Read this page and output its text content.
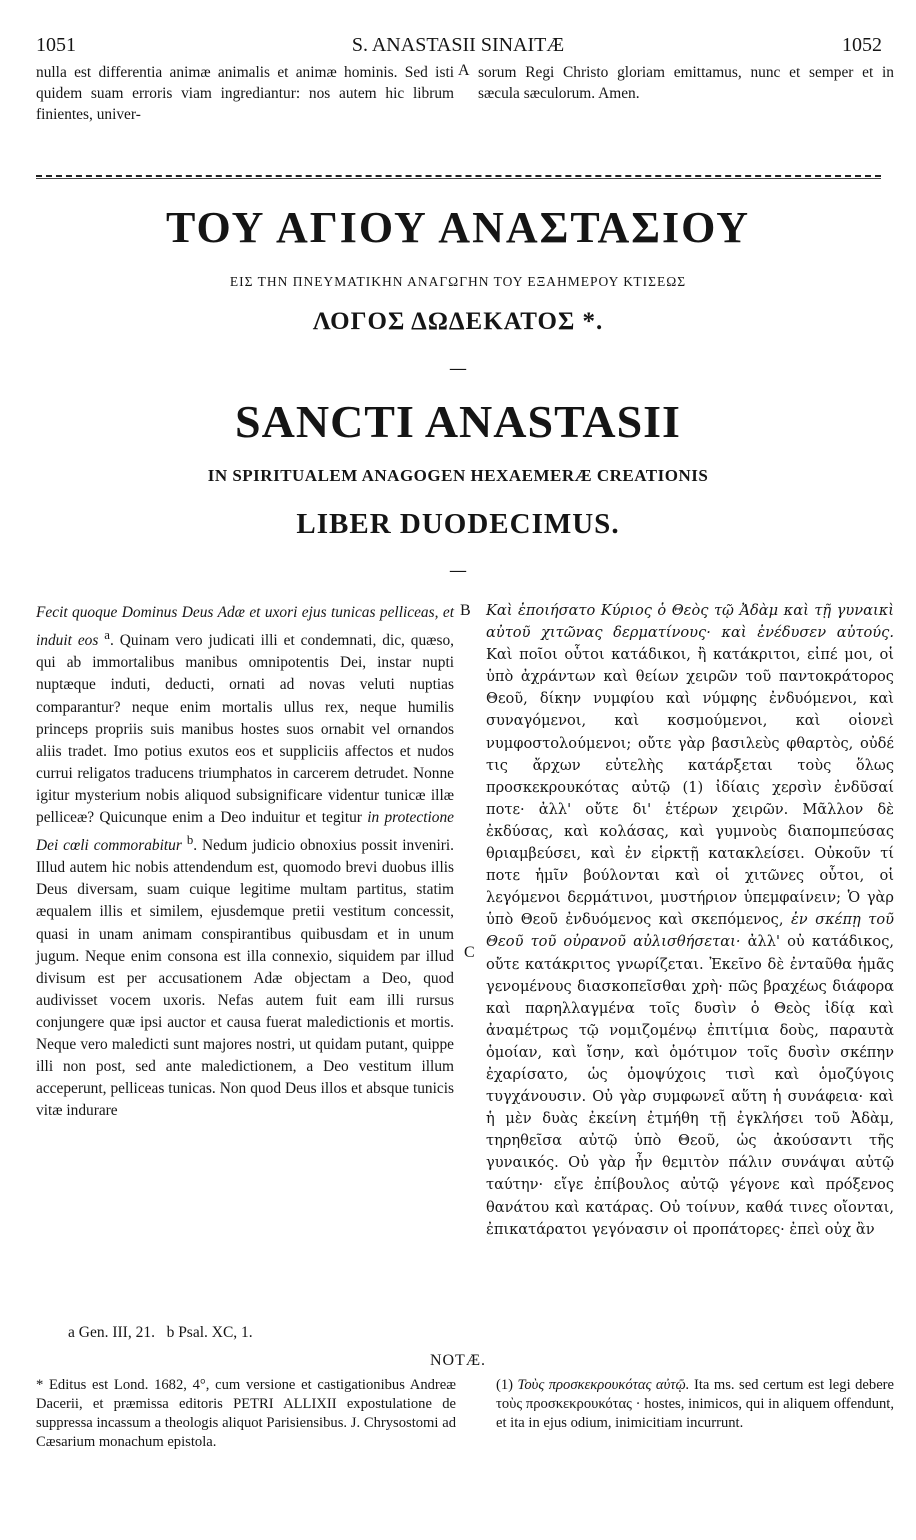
1051	S. ANASTASII SINAITÆ	1052
nulla est differentia animæ animalis et animæ hominis. Sed isti quidem suam erroris viam ingrediantur: nos autem hic librum finientes, univer-
A sorum Regi Christo gloriam emittamus, nunc et semper et in sæcula sæculorum. Amen.
ΤΟΥ ΑΓΙΟΥ ΑΝΑΣΤΑΣΙΟΥ
ΕΙΣ ΤΗΝ ΠΝΕΥΜΑΤΙΚΗΝ ΑΝΑΓΩΓΗΝ ΤΟΥ ΕΞΑΗΜΕΡΟΥ ΚΤΙΣΕΩΣ
ΛΟΓΟΣ ΔΩΔΕΚΑΤΟΣ *.
—
SANCTI ANASTASII
IN SPIRITUALEM ANAGOGEN HEXAEMERÆ CREATIONIS
LIBER DUODECIMUS.
—

Fecit quoque Dominus Deus Adæ et uxori ejus tunicas pelliceas, et induit eos $^a$. Quinam vero judicati illi et condemnati, dic, quæso, qui ab immortalibus manibus omnipotentis Dei, instar nupti nuptæque induti, deducti, ornati ad novas veluti nuptias comparantur? neque enim mortalis ullus rex, neque humilis princeps propriis suis manibus hostes suos ornabit vel ornandos aliis tradet. Imo potius exutos eos et suppliciis affectos et nudos currui religatos traducens triumphatos in carcerem detrudet. Nonne igitur mysterium nobis aliquod subsignificare videntur tunicæ illæ pelliceæ? Quicunque enim a Deo induitur et tegitur in protectione Dei cœli commorabitur $^b$. Nedum judicio obnoxius possit inveniri. Illud autem hic nobis attendendum est, quomodo brevi duobus illis Deus diversam, suam cuique legitime multam partitus, statim æqualem illis et similem, ejusdemque pretii vestitum concessit, quasi in unam animam conspirantibus quibusdam et in unum jugum. Neque enim consona est illa connexio, siquidem par illud divisum est per accusationem Adæ objectam a Deo, quod audivisset vocem uxoris. Nefas autem fuit eam illi rursus conjungere quæ ipsi auctor et causa fuerat maledictionis et mortis. Neque vero maledicti sunt majores nostri, ut quidam putant, quippe illi non post, sed ante maledictionem, a Deo vestitum illum acceperunt, pelliceas tunicas. Non quod Deus illos et absque tunicis vitæ indurare

B
C

Καὶ ἐποιήσατο Κύριος ὁ Θεὸς τῷ Ἀδὰμ καὶ τῇ γυναικὶ αὐτοῦ χιτῶνας δερματίνους· καὶ ἐνέδυσεν αὐτούς. Καὶ ποῖοι οὗτοι κατάδικοι, ἢ κατάκριτοι, εἰπέ μοι, οἱ ὑπὸ ἀχράντων καὶ θείων χειρῶν τοῦ παντοκράτορος Θεοῦ, δίκην νυμφίου καὶ νύμφης ἐνδυόμενοι, καὶ συναγόμενοι, καὶ κοσμούμενοι, καὶ οἱονεὶ νυμφοστολούμενοι; οὔτε γὰρ βασιλεὺς φθαρτὸς, οὐδέ τις ἄρχων εὐτελὴς κατάρξεται τοὺς ὅλως προσκεκρουκότας αὐτῷ (1) ἰδίαις χερσὶν ἐνδῦσαί ποτε· ἀλλ' οὔτε δι' ἑτέρων χειρῶν. Μᾶλλον δὲ ἐκδύσας, καὶ κολάσας, καὶ γυμνοὺς διαπομπεύσας θριαμβεύσει, καὶ ἐν εἱρκτῇ κατακλείσει. Οὐκοῦν τί ποτε ἡμῖν βούλονται καὶ οἱ χιτῶνες οὗτοι, οἱ λεγόμενοι δερμάτινοι, μυστήριον ὑπεμφαίνειν; Ὁ γὰρ ὑπὸ Θεοῦ ἐνδυόμενος καὶ σκεπόμενος, ἐν σκέπῃ τοῦ Θεοῦ τοῦ οὐρανοῦ αὐλισθήσεται· ἀλλ' οὐ κατάδικος, οὔτε κατάκριτος γνωρίζεται. Ἐκεῖνο δὲ ἐνταῦθα ἡμᾶς γενομένους διασκοπεῖσθαι χρὴ· πῶς βραχέως διάφορα καὶ παρηλλαγμένα τοῖς δυσὶν ὁ Θεὸς ἰδίᾳ καὶ ἀναμέτρως τῷ νομιζομένῳ ἐπιτίμια δοὺς, παραυτὰ ὁμοίαν, καὶ ἴσην, καὶ ὁμότιμον τοῖς δυσὶν σκέπην ἐχαρίσατο, ὡς ὁμοψύχοις τισὶ καὶ ὁμοζύγοις τυγχάνουσιν. Οὐ γὰρ συμφωνεῖ αὕτη ἡ συνάφεια· καὶ ἡ μὲν δυὰς ἐκείνη ἐτμήθη τῇ ἐγκλήσει τοῦ Ἀδὰμ, τηρηθεῖσα αὐτῷ ὑπὸ Θεοῦ, ὡς ἀκούσαντι τῆς γυναικός. Οὐ γὰρ ἦν θεμιτὸν πάλιν συνάψαι αὐτῷ ταύτην· εἴγε ἐπίβουλος αὐτῷ γέγονε καὶ πρόξενος θανάτου καὶ κατάρας. Οὐ τοίνυν, καθά τινες οἴονται, ἐπικατάρατοι γεγόνασιν οἱ προπάτορες· ἐπεὶ οὐχ ἂν

a Gen. III, 21.   b Psal. XC, 1.
NOTÆ.
* Editus est Lond. 1682, 4°, cum versione et castigationibus Andreæ Dacerii, et præmissa editoris PETRI ALLIXII expostulatione de suppressa incassum a theologis aliquot Parisiensibus. J. Chrysostomi ad Cæsarium monachum epistola.
(1) Τοὺς προσκεκρουκότας αὐτῷ. Ita ms. sed certum est legi debere τοὺς προσκεκρουκότας · hostes, inimicos, qui in aliquem offendunt, et ita in ejus odium, inimicitiam incurrunt.
